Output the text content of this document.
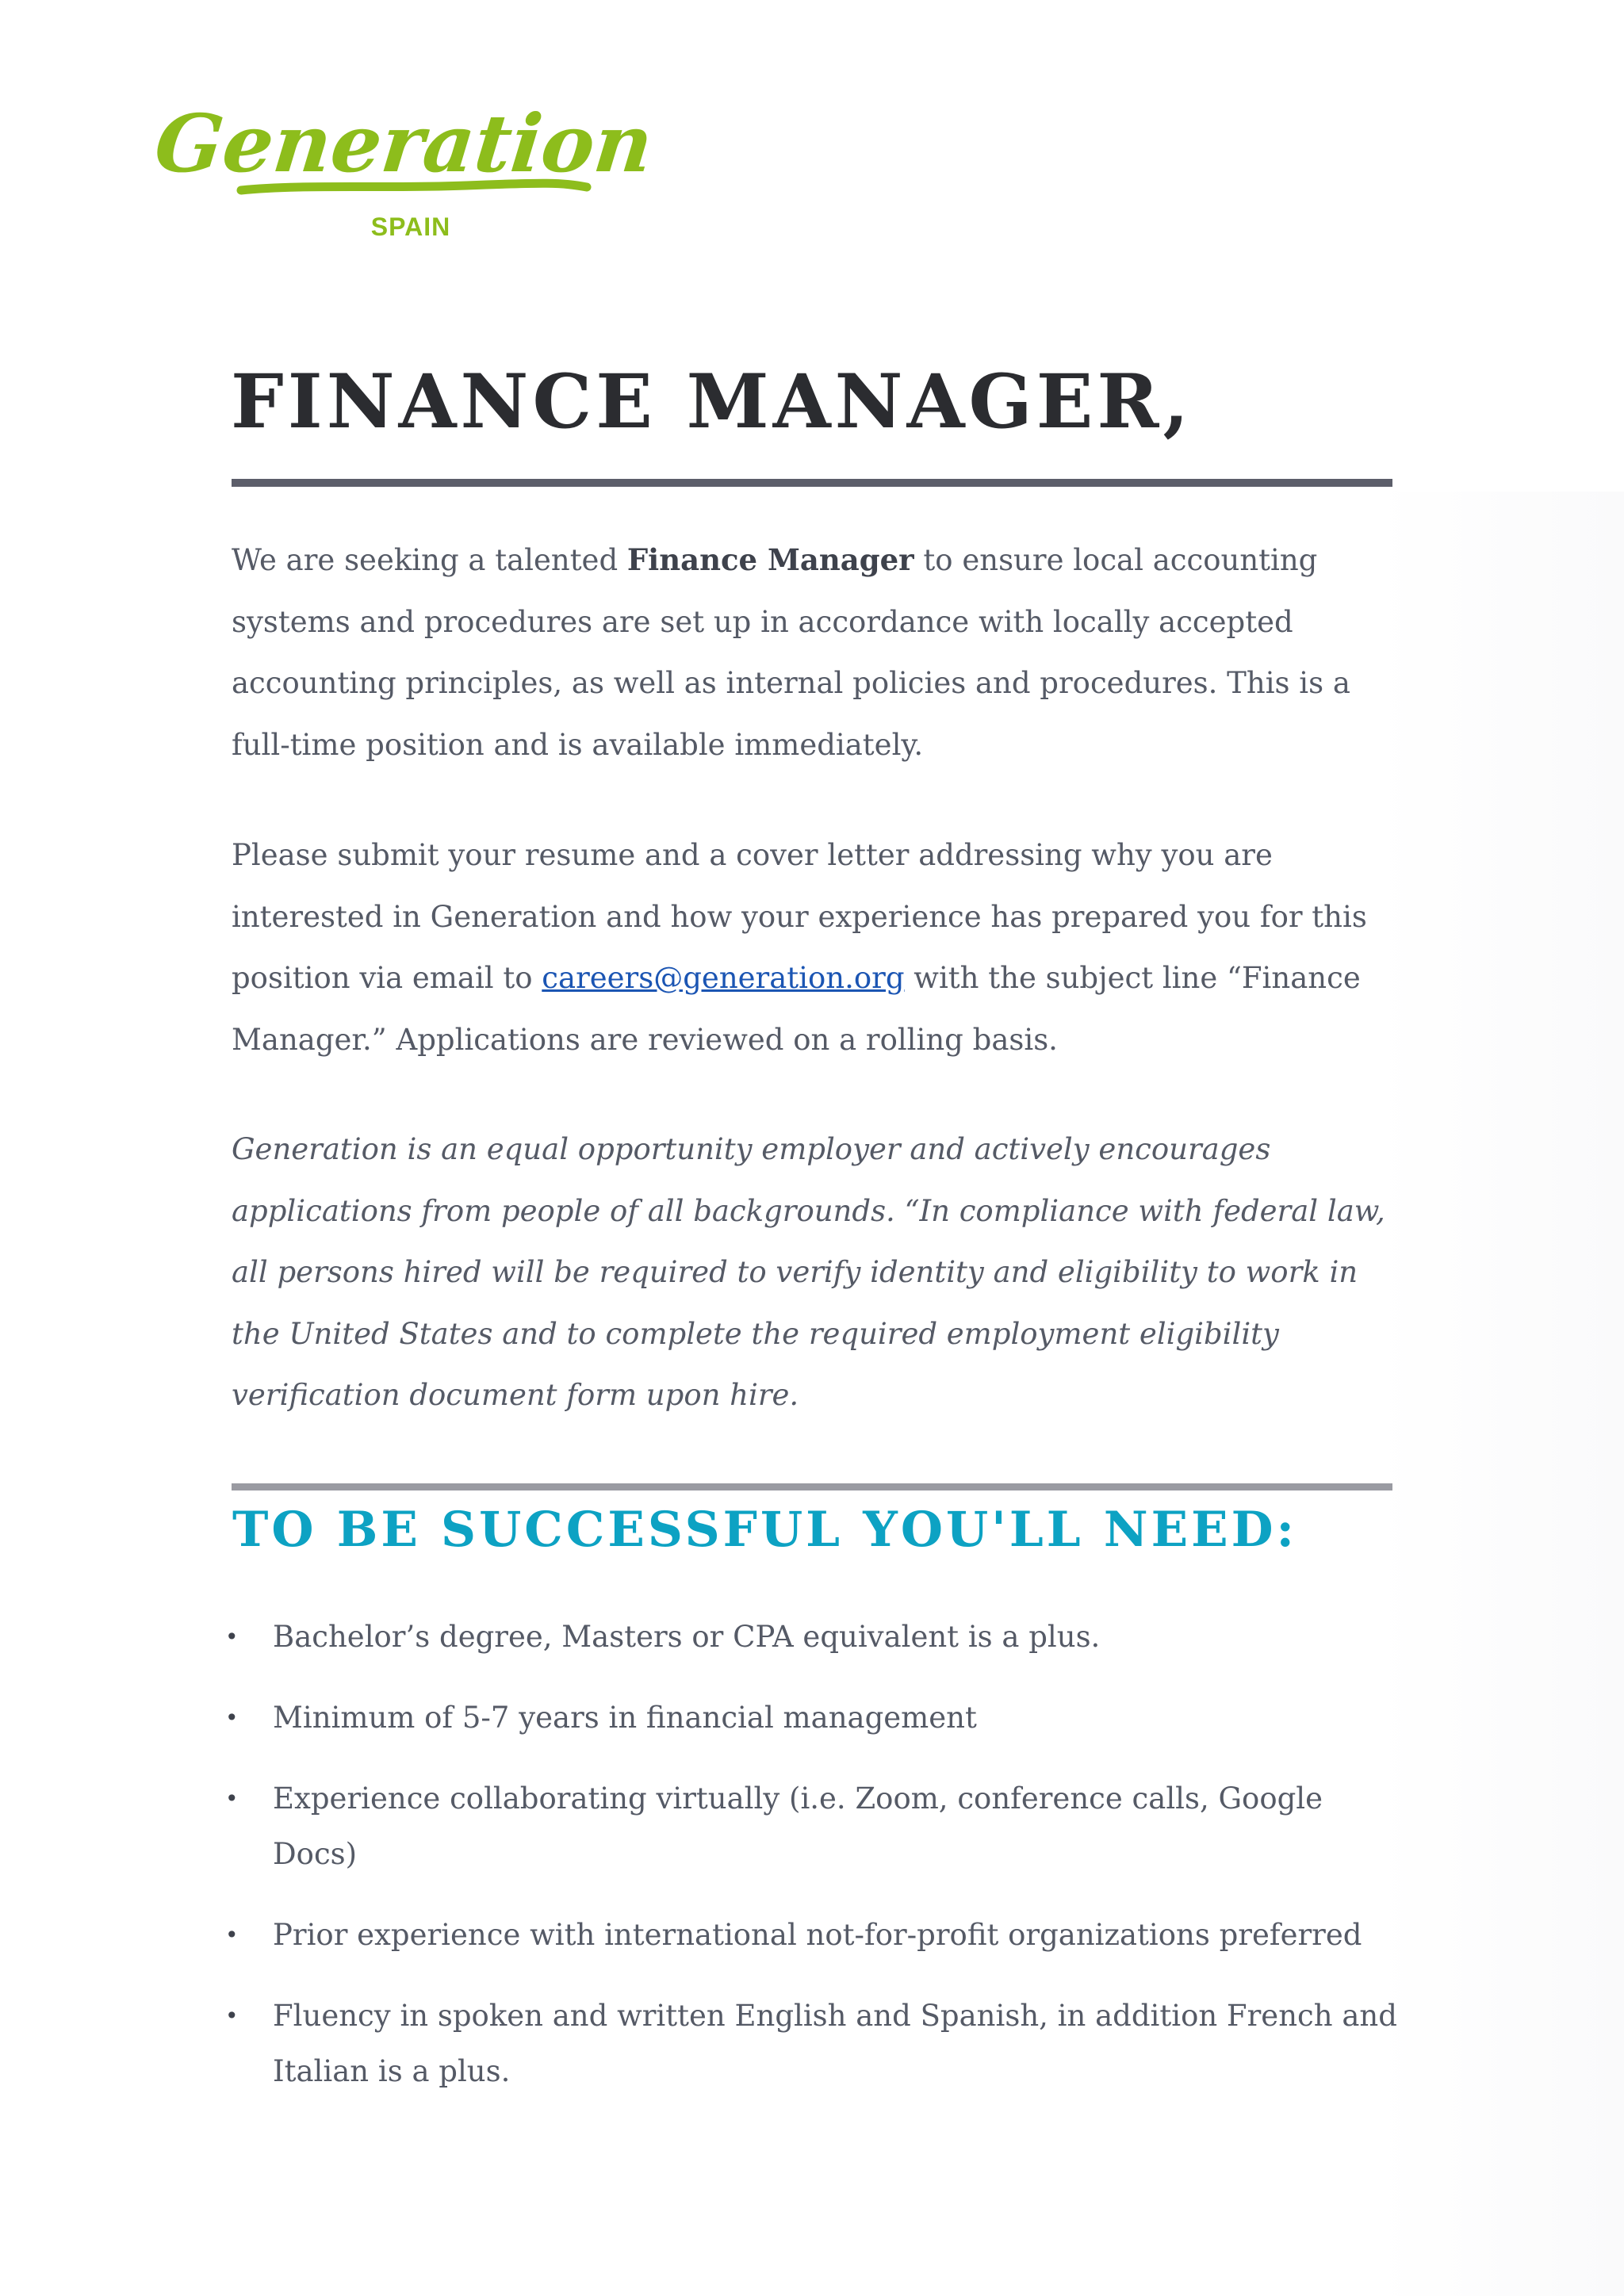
Generation
SPAIN
FINANCE MANAGER,

We are seeking a talented Finance Manager to ensure local accounting systems and procedures are set up in accordance with locally accepted accounting principles, as well as internal policies and procedures. This is a full-time position and is available immediately.

Please submit your resume and a cover letter addressing why you are interested in Generation and how your experience has prepared you for this position via email to careers@generation.org with the subject line “Finance Manager.” Applications are reviewed on a rolling basis.

Generation is an equal opportunity employer and actively encourages applications from people of all backgrounds. “In compliance with federal law, all persons hired will be required to verify identity and eligibility to work in the United States and to complete the required employment eligibility verification document form upon hire.

TO BE SUCCESSFUL YOU'LL NEED:
• Bachelor’s degree, Masters or CPA equivalent is a plus.
• Minimum of 5-7 years in financial management
• Experience collaborating virtually (i.e. Zoom, conference calls, Google Docs)
• Prior experience with international not-for-profit organizations preferred
• Fluency in spoken and written English and Spanish, in addition French and Italian is a plus.
